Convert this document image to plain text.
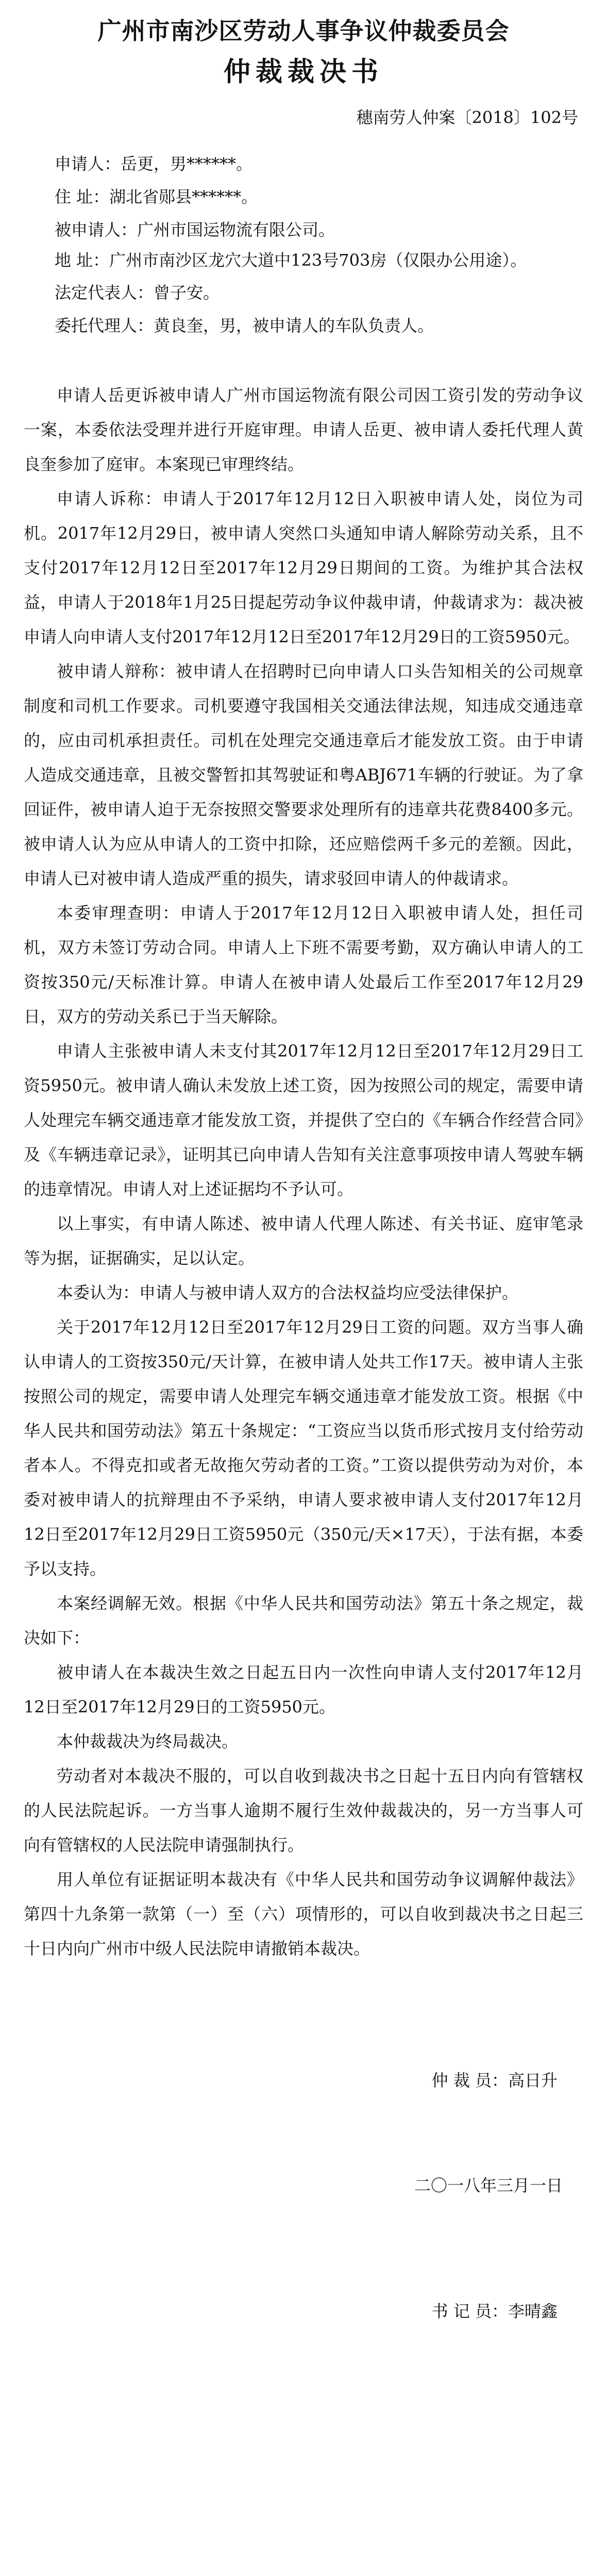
广州市南沙区劳动人事争议仲裁委员会
仲裁裁决书

穗南劳人仲案〔2018〕102号

申请人：岳更，男******。

住 址：湖北省郧县******。

被申请人：广州市国运物流有限公司。

地 址：广州市南沙区龙穴大道中123号703房（仅限办公用途）。

法定代表人：曾子安。

委托代理人：黄良奎，男，被申请人的车队负责人。

申请人岳更诉被申请人广州市国运物流有限公司因工资引发的劳动争议一案，本委依法受理并进行开庭审理。申请人岳更、被申请人委托代理人黄良奎参加了庭审。本案现已审理终结。

申请人诉称：申请人于2017年12月12日入职被申请人处，岗位为司机。2017年12月29日，被申请人突然口头通知申请人解除劳动关系，且不支付2017年12月12日至2017年12月29日期间的工资。为维护其合法权益，申请人于2018年1月25日提起劳动争议仲裁申请，仲裁请求为：裁决被申请人向申请人支付2017年12月12日至2017年12月29日的工资5950元。

被申请人辩称：被申请人在招聘时已向申请人口头告知相关的公司规章制度和司机工作要求。司机要遵守我国相关交通法律法规，知违成交通违章的，应由司机承担责任。司机在处理完交通违章后才能发放工资。由于申请人造成交通违章，且被交警暂扣其驾驶证和粤ABJ671车辆的行驶证。为了拿回证件，被申请人迫于无奈按照交警要求处理所有的违章共花费8400多元。被申请人认为应从申请人的工资中扣除，还应赔偿两千多元的差额。因此，申请人已对被申请人造成严重的损失，请求驳回申请人的仲裁请求。

本委审理查明：申请人于2017年12月12日入职被申请人处，担任司机，双方未签订劳动合同。申请人上下班不需要考勤，双方确认申请人的工资按350元/天标准计算。申请人在被申请人处最后工作至2017年12月29日，双方的劳动关系已于当天解除。

申请人主张被申请人未支付其2017年12月12日至2017年12月29日工资5950元。被申请人确认未发放上述工资，因为按照公司的规定，需要申请人处理完车辆交通违章才能发放工资，并提供了空白的《车辆合作经营合同》及《车辆违章记录》，证明其已向申请人告知有关注意事项按申请人驾驶车辆的违章情况。申请人对上述证据均不予认可。

以上事实，有申请人陈述、被申请人代理人陈述、有关书证、庭审笔录等为据，证据确实，足以认定。

本委认为：申请人与被申请人双方的合法权益均应受法律保护。

关于2017年12月12日至2017年12月29日工资的问题。双方当事人确认申请人的工资按350元/天计算，在被申请人处共工作17天。被申请人主张按照公司的规定，需要申请人处理完车辆交通违章才能发放工资。根据《中华人民共和国劳动法》第五十条规定：“工资应当以货币形式按月支付给劳动者本人。不得克扣或者无故拖欠劳动者的工资。”工资以提供劳动为对价，本委对被申请人的抗辩理由不予采纳，申请人要求被申请人支付2017年12月12日至2017年12月29日工资5950元（350元/天×17天），于法有据，本委予以支持。

本案经调解无效。根据《中华人民共和国劳动法》第五十条之规定，裁决如下：

被申请人在本裁决生效之日起五日内一次性向申请人支付2017年12月12日至2017年12月29日的工资5950元。

本仲裁裁决为终局裁决。

劳动者对本裁决不服的，可以自收到裁决书之日起十五日内向有管辖权的人民法院起诉。一方当事人逾期不履行生效仲裁裁决的，另一方当事人可向有管辖权的人民法院申请强制执行。

用人单位有证据证明本裁决有《中华人民共和国劳动争议调解仲裁法》第四十九条第一款第（一）至（六）项情形的，可以自收到裁决书之日起三十日内向广州市中级人民法院申请撤销本裁决。

仲 裁 员：高日升

二〇一八年三月一日

书 记 员：李晴鑫
